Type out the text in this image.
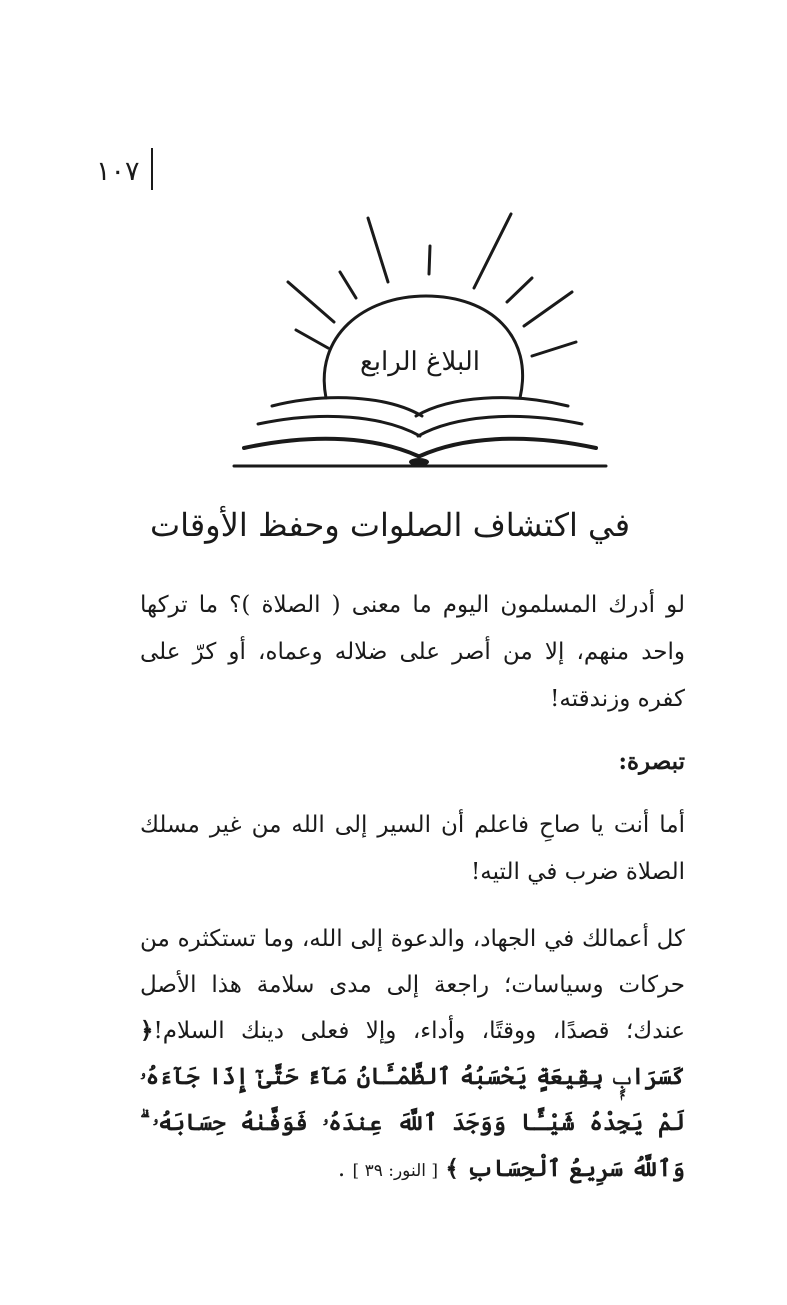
١٠٧
البلاغ الرابع
في اكتشاف الصلوات وحفظ الأوقات

لو أدرك المسلمون اليوم ما معنى ( الصلاة )؟ ما تركها واحد منهم، إلا من أصر على ضلاله وعماه، أو كرّ على كفره وزندقته!

تبصرة:

أما أنت يا صاحِ فاعلم أن السير إلى الله من غير مسلك الصلاة ضرب في التيه!

كل أعمالك في الجهاد، والدعوة إلى الله، وما تستكثره من حركات وسياسات؛ راجعة إلى مدى سلامة هذا الأصل عندك؛ قصدًا، ووقتًا، وأداء، وإلا فعلى دينك السلام!﴿ كَسَرَابٍۭ بِقِيعَةٍ يَحْسَبُهُ ٱلظَّمْـَٔانُ مَآءً حَتَّىٰٓ إِذَا جَآءَهُۥ لَمْ يَجِدْهُ شَيْـًٔا وَوَجَدَ ٱللَّهَ عِندَهُۥ فَوَفَّىٰهُ حِسَابَهُۥ ۗ وَٱللَّهُ سَرِيعُ ٱلْحِسَابِ ﴾ [ النور: ٣٩ ] .
